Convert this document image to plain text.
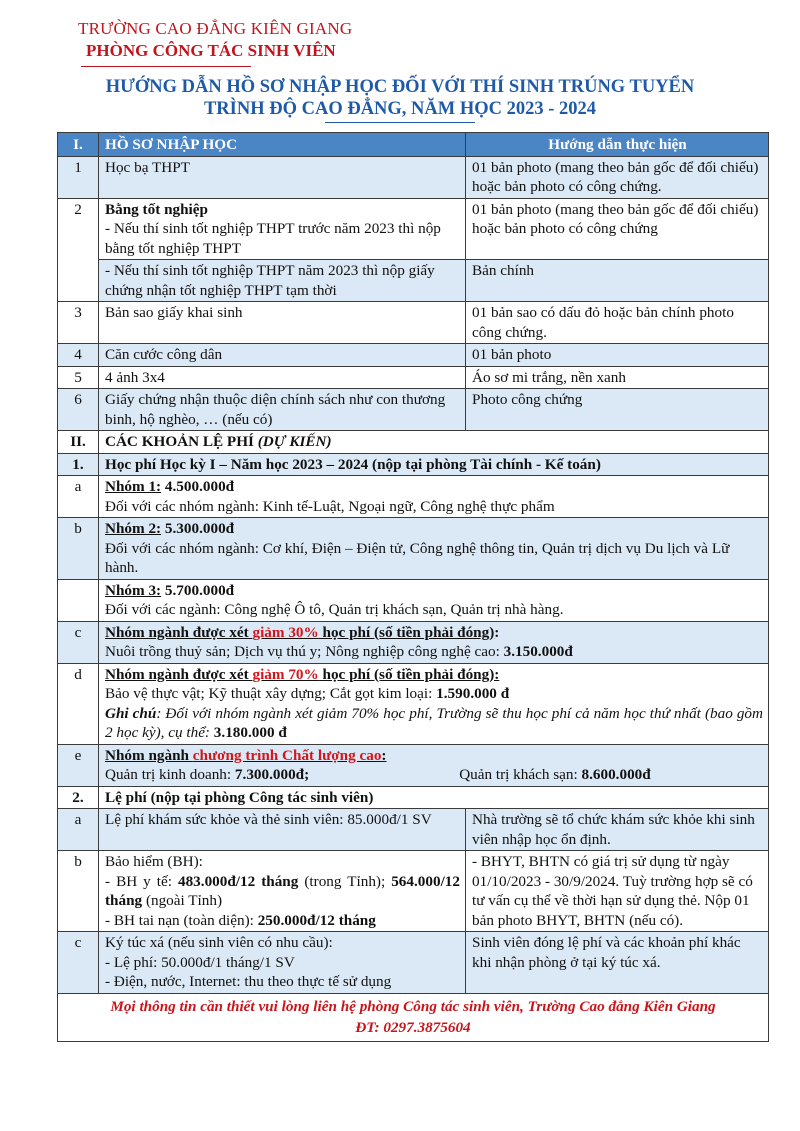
TRƯỜNG CAO ĐẲNG KIÊN GIANG
PHÒNG CÔNG TÁC SINH VIÊN
HƯỚNG DẪN HỒ SƠ NHẬP HỌC ĐỐI VỚI THÍ SINH TRÚNG TUYỂN
TRÌNH ĐỘ CAO ĐẲNG, NĂM HỌC 2023 - 2024
I.	HỒ SƠ NHẬP HỌC	Hướng dẫn thực hiện
1	Học bạ THPT	01 bản photo (mang theo bản gốc để đối chiếu) hoặc bản photo có công chứng.
2	Bằng tốt nghiệp
- Nếu thí sinh tốt nghiệp THPT trước năm 2023 thì nộp bằng tốt nghiệp THPT	01 bản photo (mang theo bản gốc để đối chiếu) hoặc bản photo có công chứng
	- Nếu thí sinh tốt nghiệp THPT năm 2023 thì nộp giấy chứng nhận tốt nghiệp THPT tạm thời	Bản chính
3	Bản sao giấy khai sinh	01 bản sao có dấu đỏ hoặc bản chính photo công chứng.
4	Căn cước công dân	01 bản photo
5	4 ảnh 3x4	Áo sơ mi trắng, nền xanh
6	Giấy chứng nhận thuộc diện chính sách như con thương binh, hộ nghèo, … (nếu có)	Photo công chứng
II.	CÁC KHOẢN LỆ PHÍ (DỰ KIẾN)	
1.	Học phí Học kỳ I – Năm học 2023 – 2024 (nộp tại phòng Tài chính - Kế toán)	
a	Nhóm 1: 4.500.000đ
Đối với các nhóm ngành: Kinh tế-Luật, Ngoại ngữ, Công nghệ thực phẩm	
b	Nhóm 2: 5.300.000đ
Đối với các nhóm ngành: Cơ khí, Điện – Điện tử, Công nghệ thông tin, Quản trị dịch vụ Du lịch và Lữ hành.	
	Nhóm 3: 5.700.000đ
Đối với các ngành: Công nghệ Ô tô, Quản trị khách sạn, Quản trị nhà hàng.	
c	Nhóm ngành được xét giảm 30% học phí (số tiền phải đóng):
Nuôi trồng thuỷ sản; Dịch vụ thú y; Nông nghiệp công nghệ cao: 3.150.000đ	
d	Nhóm ngành được xét giảm 70% học phí (số tiền phải đóng):
Bảo vệ thực vật; Kỹ thuật xây dựng; Cắt gọt kim loại: 1.590.000 đ
Ghi chú: Đối với nhóm ngành xét giảm 70% học phí, Trường sẽ thu học phí cả năm học thứ nhất (bao gồm 2 học kỳ), cụ thể: 3.180.000 đ	
e	Nhóm ngành chương trình Chất lượng cao:
Quản trị kinh doanh: 7.300.000đ; Quản trị khách sạn: 8.600.000đ	
2.	Lệ phí (nộp tại phòng Công tác sinh viên)	
a	Lệ phí khám sức khỏe và thẻ sinh viên: 85.000đ/1 SV	Nhà trường sẽ tổ chức khám sức khỏe khi sinh viên nhập học ổn định.
b	Bảo hiểm (BH):
- BH y tế: 483.000đ/12 tháng (trong Tỉnh); 564.000/12 tháng (ngoài Tỉnh)
- BH tai nạn (toàn diện): 250.000đ/12 tháng	- BHYT, BHTN có giá trị sử dụng từ ngày 01/10/2023 - 30/9/2024. Tuỳ trường hợp sẽ có tư vấn cụ thể về thời hạn sử dụng thẻ. Nộp 01 bản photo BHYT, BHTN (nếu có).
c	Ký túc xá (nếu sinh viên có nhu cầu):
- Lệ phí: 50.000đ/1 tháng/1 SV
- Điện, nước, Internet: thu theo thực tế sử dụng	Sinh viên đóng lệ phí và các khoản phí khác khi nhận phòng ở tại ký túc xá.
Mọi thông tin cần thiết vui lòng liên hệ phòng Công tác sinh viên, Trường Cao đẳng Kiên Giang
ĐT: 0297.3875604		
